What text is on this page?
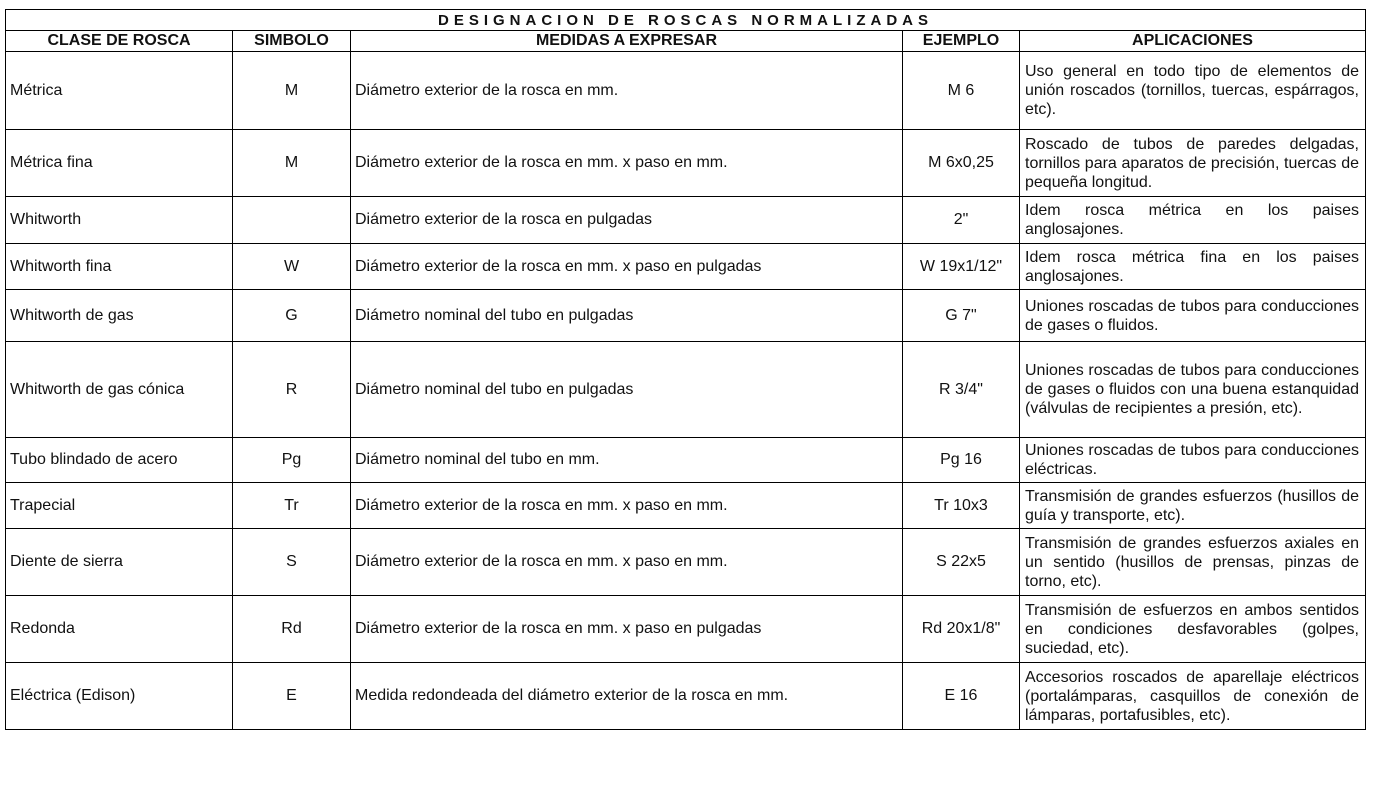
DESIGNACION DE ROSCAS NORMALIZADAS				
CLASE DE ROSCA	SIMBOLO	MEDIDAS A EXPRESAR	EJEMPLO	APLICACIONES
Métrica	M	Diámetro exterior de la rosca en mm.	M 6	Uso general en todo tipo de elementos de unión roscados (tornillos, tuercas, espárragos, etc).
Métrica fina	M	Diámetro exterior de la rosca en mm. x paso en mm.	M 6x0,25	Roscado de tubos de paredes delgadas, tornillos para aparatos de precisión, tuercas de pequeña longitud.
Whitworth		Diámetro exterior de la rosca en pulgadas	2"	Idem rosca métrica en los paises anglosajones.
Whitworth fina	W	Diámetro exterior de la rosca en mm. x paso en pulgadas	W 19x1/12"	Idem rosca métrica fina en los paises anglosajones.
Whitworth de gas	G	Diámetro nominal del tubo en pulgadas	G 7"	Uniones roscadas de tubos para conducciones de gases o fluidos.
Whitworth de gas cónica	R	Diámetro nominal del tubo en pulgadas	R 3/4"	Uniones roscadas de tubos para conducciones de gases o fluidos con una buena estanquidad (válvulas de recipientes a presión, etc).
Tubo blindado de acero	Pg	Diámetro nominal del tubo en mm.	Pg 16	Uniones roscadas de tubos para conducciones eléctricas.
Trapecial	Tr	Diámetro exterior de la rosca en mm. x paso en mm.	Tr 10x3	Transmisión de grandes esfuerzos (husillos de guía y transporte, etc).
Diente de sierra	S	Diámetro exterior de la rosca en mm. x paso en mm.	S 22x5	Transmisión de grandes esfuerzos axiales en un sentido (husillos de prensas, pinzas de torno, etc).
Redonda	Rd	Diámetro exterior de la rosca en mm. x paso en pulgadas	Rd 20x1/8"	Transmisión de esfuerzos en ambos sentidos en condiciones desfavorables (golpes, suciedad, etc).
Eléctrica (Edison)	E	Medida redondeada del diámetro exterior de la rosca en mm.	E 16	Accesorios roscados de aparellaje eléctricos (portalámparas, casquillos de conexión de lámparas, portafusibles, etc).
